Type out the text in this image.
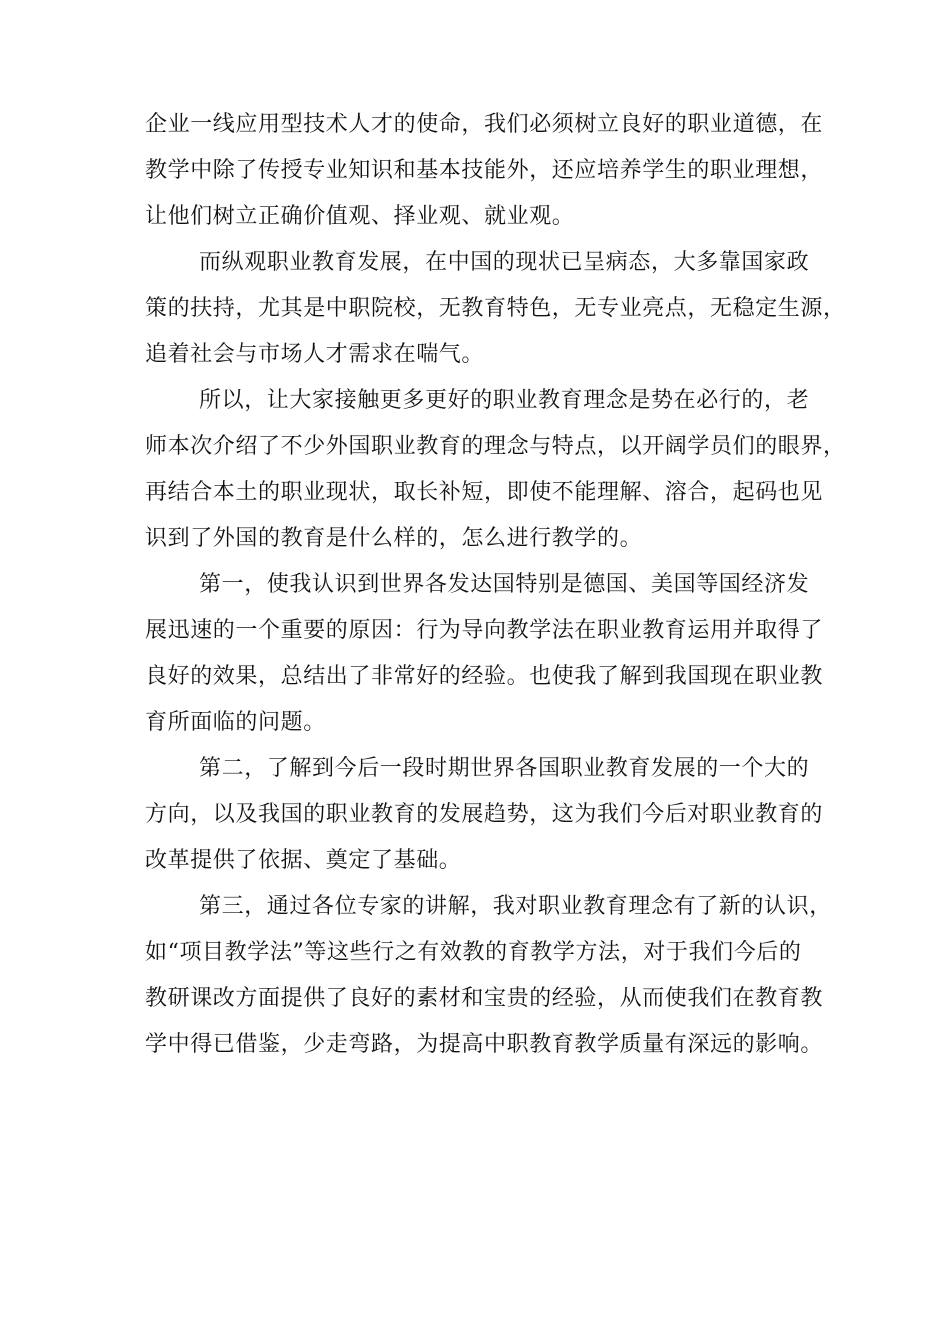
企业一线应用型技术人才的使命，我们必须树立良好的职业道德，在
教学中除了传授专业知识和基本技能外，还应培养学生的职业理想，
让他们树立正确价值观、择业观、就业观。
而纵观职业教育发展，在中国的现状已呈病态，大多靠国家政
策的扶持，尤其是中职院校，无教育特色，无专业亮点，无稳定生源，
追着社会与市场人才需求在喘气。
所以，让大家接触更多更好的职业教育理念是势在必行的，老
师本次介绍了不少外国职业教育的理念与特点，以开阔学员们的眼界，
再结合本土的职业现状，取长补短，即使不能理解、溶合，起码也见
识到了外国的教育是什么样的，怎么进行教学的。
第一，使我认识到世界各发达国特别是德国、美国等国经济发
展迅速的一个重要的原因：行为导向教学法在职业教育运用并取得了
良好的效果，总结出了非常好的经验。也使我了解到我国现在职业教
育所面临的问题。
第二，了解到今后一段时期世界各国职业教育发展的一个大的
方向，以及我国的职业教育的发展趋势，这为我们今后对职业教育的
改革提供了依据、奠定了基础。
第三，通过各位专家的讲解，我对职业教育理念有了新的认识，
如“项目教学法”等这些行之有效教的育教学方法，对于我们今后的
教研课改方面提供了良好的素材和宝贵的经验，从而使我们在教育教
学中得已借鉴，少走弯路，为提高中职教育教学质量有深远的影响。
